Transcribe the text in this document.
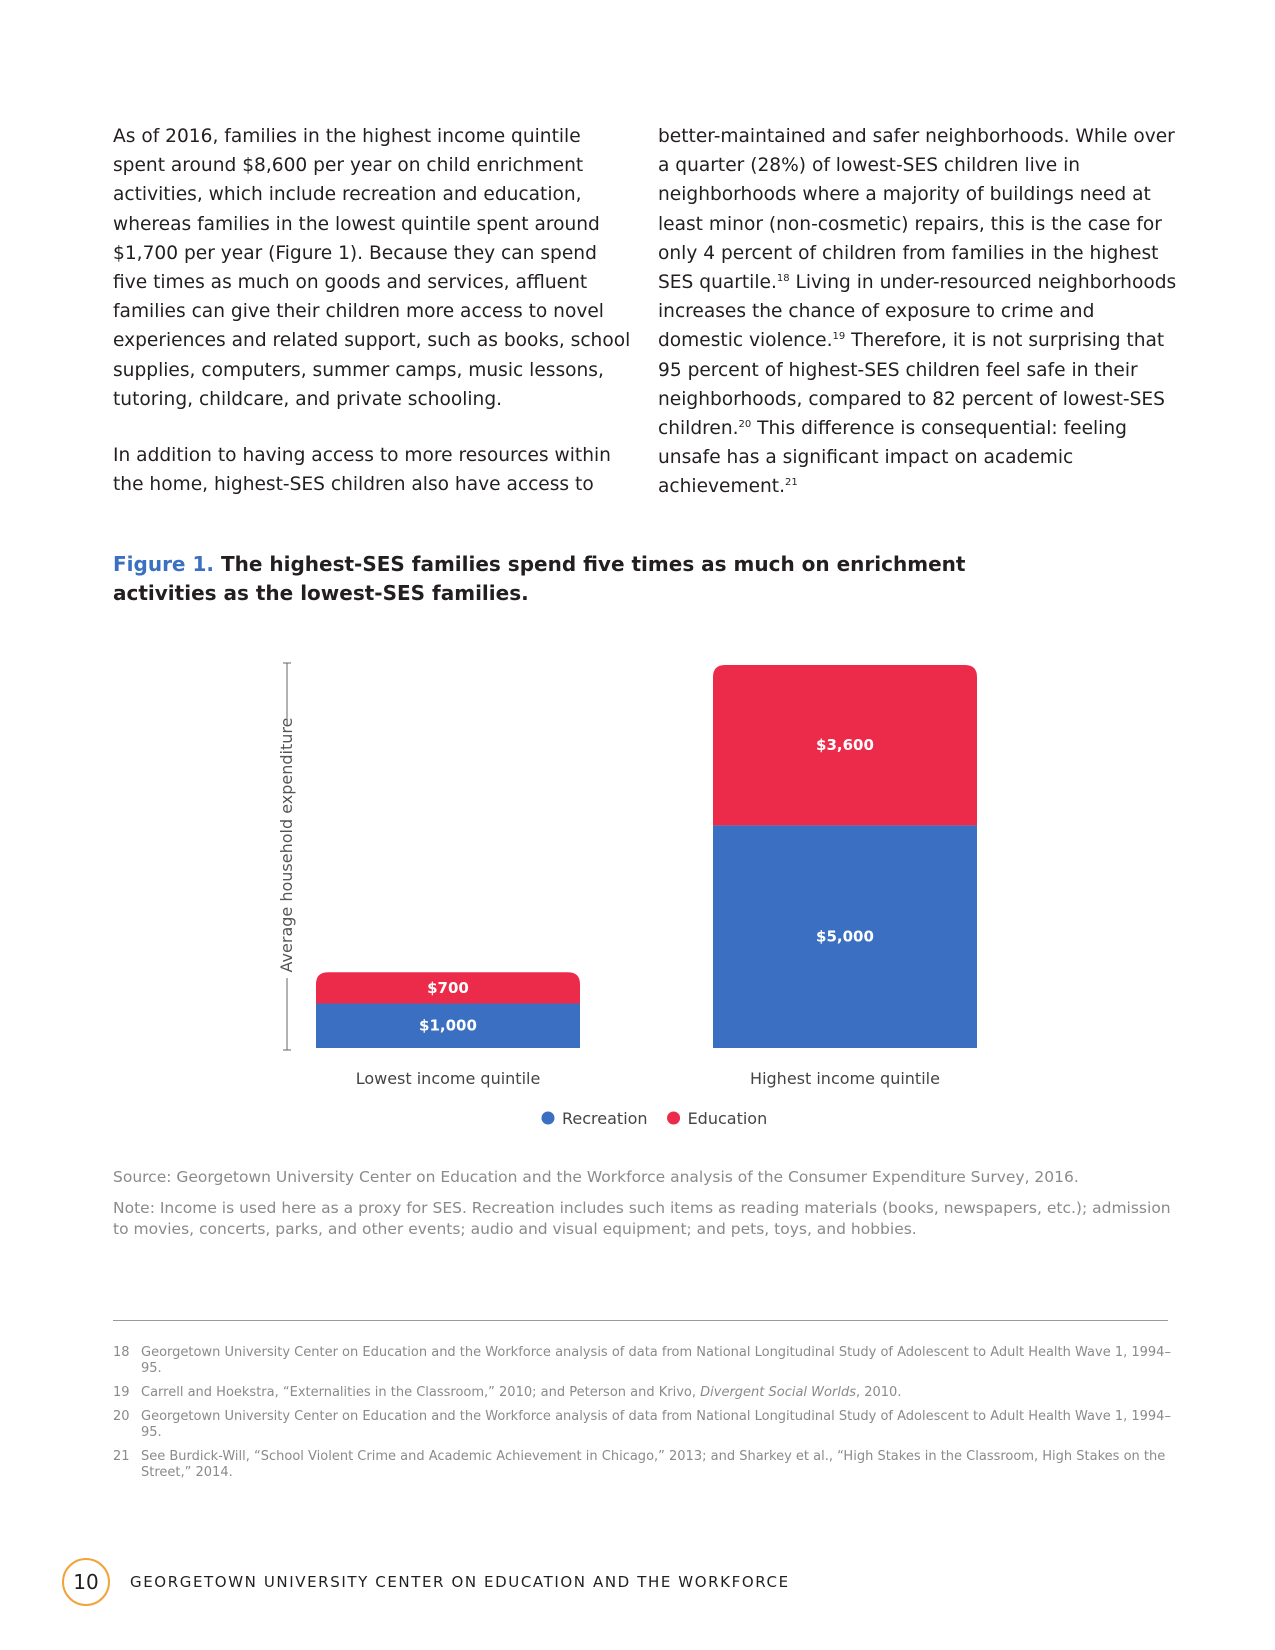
As of 2016, families in the highest income quintile spent around $8,600 per year on child enrichment activities, which include recreation and education, whereas families in the lowest quintile spent around $1,700 per year (Figure 1). Because they can spend five times as much on goods and services, affluent families can give their children more access to novel experiences and related support, such as books, school supplies, computers, summer camps, music lessons, tutoring, childcare, and private schooling.

In addition to having access to more resources within the home, highest-SES children also have access to

better-maintained and safer neighborhoods. While over a quarter (28%) of lowest-SES children live in neighborhoods where a majority of buildings need at least minor (non-cosmetic) repairs, this is the case for only 4 percent of children from families in the highest SES quartile.$^{18}$ Living in under-resourced neighborhoods increases the chance of exposure to crime and domestic violence.$^{19}$ Therefore, it is not surprising that 95 percent of highest-SES children feel safe in their neighborhoods, compared to 82 percent of lowest-SES children.$^{20}$ This difference is consequential: feeling unsafe has a significant impact on academic achievement.$^{21}$

Figure 1. The highest-SES families spend five times as much on enrichment activities as the lowest-SES families.
Average household expenditure
$1,000
$700
Lowest income quintile
$5,000
$3,600
Highest income quintile
Recreation	Education

Source: Georgetown University Center on Education and the Workforce analysis of the Consumer Expenditure Survey, 2016.

Note: Income is used here as a proxy for SES. Recreation includes such items as reading materials (books, newspapers, etc.); admission to movies, concerts, parks, and other events; audio and visual equipment; and pets, toys, and hobbies.

18 Georgetown University Center on Education and the Workforce analysis of data from National Longitudinal Study of Adolescent to Adult Health Wave 1, 1994–95.
19 Carrell and Hoekstra, “Externalities in the Classroom,” 2010; and Peterson and Krivo, Divergent Social Worlds, 2010.
20 Georgetown University Center on Education and the Workforce analysis of data from National Longitudinal Study of Adolescent to Adult Health Wave 1, 1994–95.
21 See Burdick-Will, “School Violent Crime and Academic Achievement in Chicago,” 2013; and Sharkey et al., “High Stakes in the Classroom, High Stakes on the Street,” 2014.
10	GEORGETOWN UNIVERSITY CENTER ON EDUCATION AND THE WORKFORCE
